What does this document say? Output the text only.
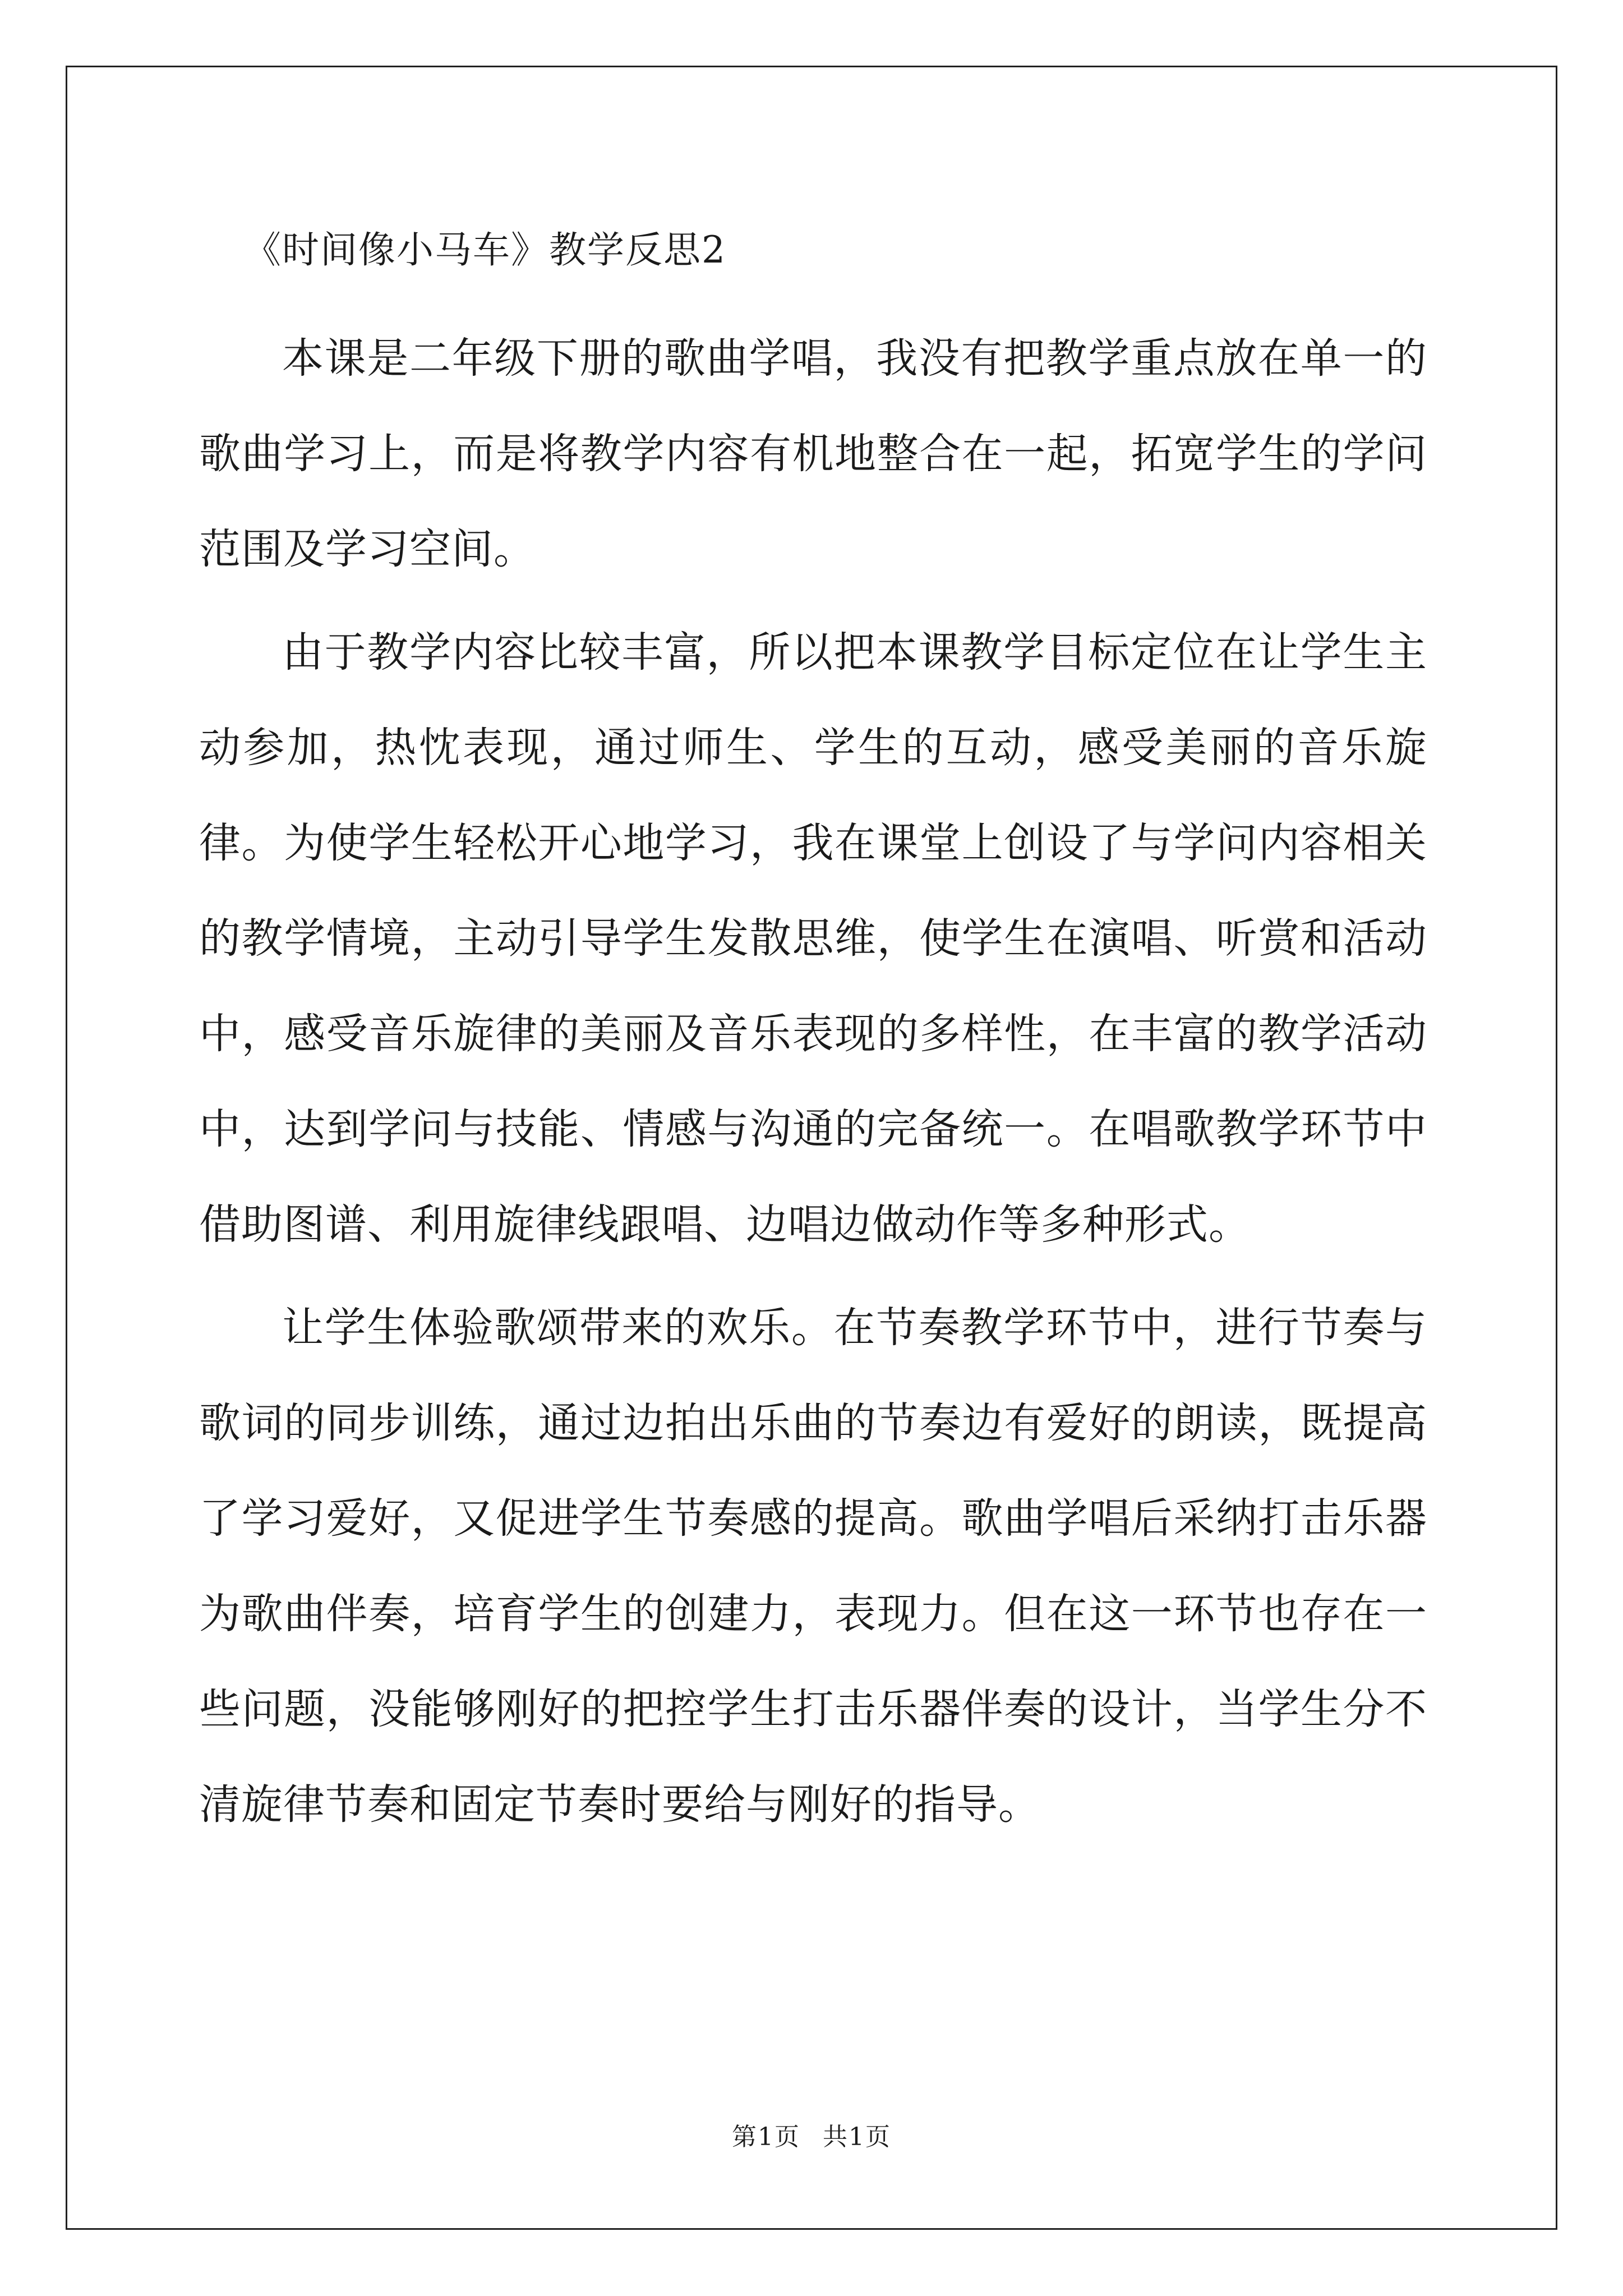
《时间像小马车》教学反思2

本课是二年级下册的歌曲学唱，我没有把教学重点放在单一的歌曲学习上，而是将教学内容有机地整合在一起，拓宽学生的学问范围及学习空间。

由于教学内容比较丰富，所以把本课教学目标定位在让学生主动参加，热忱表现，通过师生、学生的互动，感受美丽的音乐旋律。为使学生轻松开心地学习，我在课堂上创设了与学问内容相关的教学情境，主动引导学生发散思维，使学生在演唱、听赏和活动中，感受音乐旋律的美丽及音乐表现的多样性，在丰富的教学活动中，达到学问与技能、情感与沟通的完备统一。在唱歌教学环节中借助图谱、利用旋律线跟唱、边唱边做动作等多种形式。

让学生体验歌颂带来的欢乐。在节奏教学环节中，进行节奏与歌词的同步训练，通过边拍出乐曲的节奏边有爱好的朗读，既提高了学习爱好，又促进学生节奏感的提高。歌曲学唱后采纳打击乐器为歌曲伴奏，培育学生的创建力，表现力。但在这一环节也存在一些问题，没能够刚好的把控学生打击乐器伴奏的设计，当学生分不清旋律节奏和固定节奏时要给与刚好的指导。

第1页 共1页
